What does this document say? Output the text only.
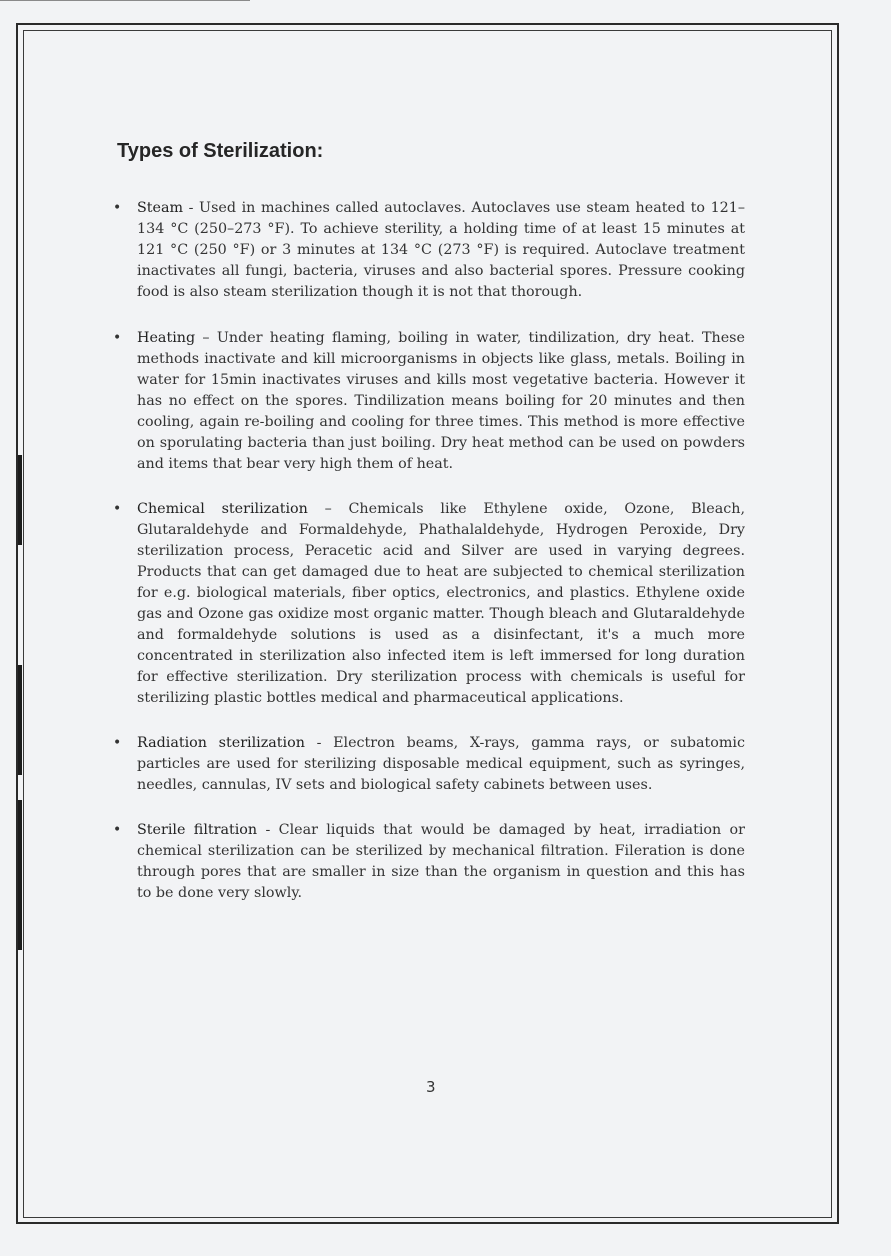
Types of Sterilization:
• Steam - Used in machines called autoclaves. Autoclaves use steam heated to 121–134 °C (250–273 °F). To achieve sterility, a holding time of at least 15 minutes at 121 °C (250 °F) or 3 minutes at 134 °C (273 °F) is required. Autoclave treatment inactivates all fungi, bacteria, viruses and also bacterial spores. Pressure cooking food is also steam sterilization though it is not that thorough.
• Heating – Under heating flaming, boiling in water, tindilization, dry heat. These methods inactivate and kill microorganisms in objects like glass, metals. Boiling in water for 15min inactivates viruses and kills most vegetative bacteria. However it has no effect on the spores. Tindilization means boiling for 20 minutes and then cooling, again re-boiling and cooling for three times. This method is more effective on sporulating bacteria than just boiling. Dry heat method can be used on powders and items that bear very high them of heat.
• Chemical sterilization – Chemicals like Ethylene oxide, Ozone, Bleach, Glutaraldehyde and Formaldehyde, Phathalaldehyde, Hydrogen Peroxide, Dry sterilization process, Peracetic acid and Silver are used in varying degrees. Products that can get damaged due to heat are subjected to chemical sterilization for e.g. biological materials, fiber optics, electronics, and plastics. Ethylene oxide gas and Ozone gas oxidize most organic matter. Though bleach and Glutaraldehyde and formaldehyde solutions is used as a disinfectant, it's a much more concentrated in sterilization also infected item is left immersed for long duration for effective sterilization. Dry sterilization process with chemicals is useful for sterilizing plastic bottles medical and pharmaceutical applications.
• Radiation sterilization - Electron beams, X-rays, gamma rays, or subatomic particles are used for sterilizing disposable medical equipment, such as syringes, needles, cannulas, IV sets and biological safety cabinets between uses.
• Sterile filtration - Clear liquids that would be damaged by heat, irradiation or chemical sterilization can be sterilized by mechanical filtration. Fileration is done through pores that are smaller in size than the organism in question and this has to be done very slowly.
3
